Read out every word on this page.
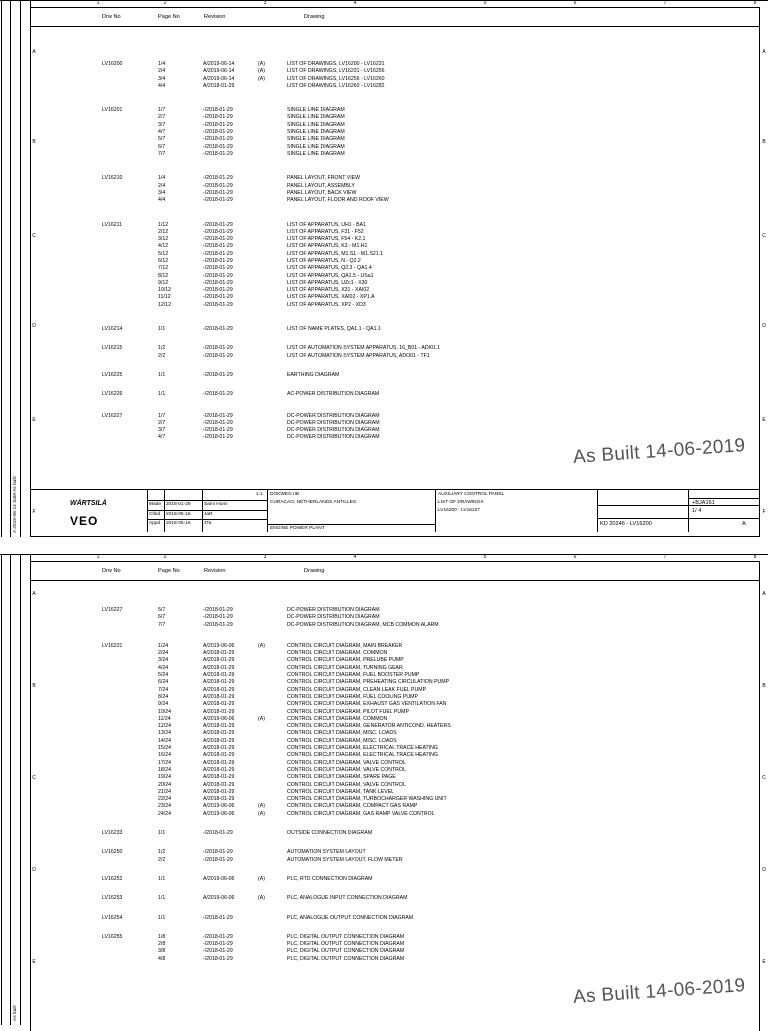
1	2	3	4	5	6	7	8
A
B
C
D
E
F
A
B
C
D
E
F
Drw No	Page No	Revision	Drawing
LV16200	1/4	A/2019-06-14	(A)	LIST OF DRAWINGS, LV16200 - LV16231
2/4	A/2019-06-14	(A)	LIST OF DRAWINGS, LV16231 - LV16256
3/4	A/2019-06-14	(A)	LIST OF DRAWINGS, LV16256 - LV16260
4/4	A/2018-01-29	LIST OF DRAWINGS, LV16260 - LV16282
LV16201	1/7	-/2018-01-29	SINGLE LINE DIAGRAM
2/7	-/2018-01-29	SINGLE LINE DIAGRAM
3/7	-/2018-01-29	SINGLE LINE DIAGRAM
4/7	-/2018-01-29	SINGLE LINE DIAGRAM
5/7	-/2018-01-29	SINGLE LINE DIAGRAM
6/7	-/2018-01-29	SINGLE LINE DIAGRAM
7/7	-/2018-01-29	SINGLE LINE DIAGRAM
LV16210	1/4	-/2018-01-29	PANEL LAYOUT, FRONT VIEW
2/4	-/2018-01-29	PANEL LAYOUT, ASSEMBLY
3/4	-/2018-01-29	PANEL LAYOUT, BACK VIEW
4/4	-/2018-01-29	PANEL LAYOUT, FLOOR AND ROOF VIEW
LV16211	1/12	-/2018-01-29	LIST OF APPARATUS, UH1 - BA1
2/12	-/2018-01-29	LIST OF APPARATUS, F31 - F52
3/12	-/2018-01-29	LIST OF APPARATUS, F54 - K2.1
4/12	-/2018-01-29	LIST OF APPARATUS, K3 - M1.H1
5/12	-/2018-01-29	LIST OF APPARATUS, M1.S1 - M1.S21.1
6/12	-/2018-01-29	LIST OF APPARATUS, N - Q2.2
7/12	-/2018-01-29	LIST OF APPARATUS, Q2.3 - QA1.4
8/12	-/2018-01-29	LIST OF APPARATUS, QA1.5 - USa1
9/12	-/2018-01-29	LIST OF APPARATUS, UZc1 - X30
10/12	-/2018-01-29	LIST OF APPARATUS, X31 - XAI02
11/12	-/2018-01-29	LIST OF APPARATUS, XAI02 - XP1.A
12/12	-/2018-01-29	LIST OF APPARATUS, XP2 - XD3
LV16214	1/1	-/2018-01-29	LIST OF NAME PLATES, QA1.1 - QA1.1
LV16215	1/2	-/2018-01-29	LIST OF AUTOMATION SYSTEM APPARATUS, 16_B01 - ADI01.1
2/2	-/2018-01-29	LIST OF AUTOMATION SYSTEM APPARATUS, ADO01 - TF1
LV16225	1/1	-/2018-01-29	EARTHING DIAGRAM
LV16226	1/1	-/2018-01-29	AC-POWER DISTRIBUTION DIAGRAM
LV16227	1/7	-/2018-01-29	DC-POWER DISTRIBUTION DIAGRAM
2/7	-/2018-01-29	DC-POWER DISTRIBUTION DIAGRAM
3/7	-/2018-01-29	DC-POWER DISTRIBUTION DIAGRAM
4/7	-/2018-01-29	DC-POWER DISTRIBUTION DIAGRAM	As Built 14-06-2019
A 2019-06-14 SaM As built	WÄRTSILÄ
VEO
Made 2018-01-29	Sami Hurin
Chkd 2018-05-16	JaR
Appd 2018-05-16	JTa
1:1 DOKWEG IIB
CURACAO, NETHERLANDS ANTILLES
ENGINE POWER PLANT
AUXILIARY CONTROL PANEL
LIST OF DRAWINGS
LV16200 - LV16227
KD 20246 - LV16200
+BJA161
1/ 4
A
1	2	3	4	5	6	7	8
A
B
C
D
E
A
B
C
D
E
Drw No	Page No	Revision	Drawing
LV16227	5/7	-/2018-01-29	DC-POWER DISTRIBUTION DIAGRAM
6/7	-/2018-01-29	DC-POWER DISTRIBUTION DIAGRAM
7/7	-/2018-01-29	DC-POWER DISTRIBUTION DIAGRAM, MCB COMMON ALARM
LV16231	1/24	A/2019-06-06	(A)	CONTROL CIRCUIT DIAGRAM, MAIN BREAKER
2/24	A/2018-01-29	CONTROL CIRCUIT DIAGRAM, COMMON
3/24	A/2018-01-29	CONTROL CIRCUIT DIAGRAM, PRELUBE PUMP
4/24	A/2018-01-29	CONTROL CIRCUIT DIAGRAM, TURNING GEAR
5/24	A/2018-01-29	CONTROL CIRCUIT DIAGRAM, FUEL BOOSTER PUMP
6/24	A/2018-01-29	CONTROL CIRCUIT DIAGRAM, PREHEATING CIRCULATION PUMP
7/24	A/2018-01-29	CONTROL CIRCUIT DIAGRAM, CLEAN LEAK FUEL PUMP
8/24	A/2018-01-29	CONTROL CIRCUIT DIAGRAM, FUEL COOLING PUMP
9/24	A/2018-01-29	CONTROL CIRCUIT DIAGRAM, EXHAUST GAS VENTILATION FAN
10/24	A/2018-01-29	CONTROL CIRCUIT DIAGRAM, PILOT FUEL PUMP
11/24	A/2019-06-06	(A)	CONTROL CIRCUIT DIAGRAM, COMMON
12/24	A/2018-01-29	CONTROL CIRCUIT DIAGRAM, GENERATOR ANTICOND. HEATERS
13/24	A/2018-01-29	CONTROL CIRCUIT DIAGRAM, MISC. LOADS
14/24	A/2018-01-29	CONTROL CIRCUIT DIAGRAM, MISC. LOADS
15/24	A/2018-01-29	CONTROL CIRCUIT DIAGRAM, ELECTRICAL TRACE HEATING
16/24	A/2018-01-29	CONTROL CIRCUIT DIAGRAM, ELECTRICAL TRACE HEATING
17/24	A/2018-01-29	CONTROL CIRCUIT DIAGRAM, VALVE CONTROL
18/24	A/2018-01-29	CONTROL CIRCUIT DIAGRAM, VALVE CONTROL
19/24	A/2018-01-29	CONTROL CIRCUIT DIAGRAM, SPARE PAGE
20/24	A/2018-01-29	CONTROL CIRCUIT DIAGRAM, VALVE CONTROL
21/24	A/2018-01-29	CONTROL CIRCUIT DIAGRAM, TANK LEVEL
22/24	A/2018-01-29	CONTROL CIRCUIT DIAGRAM, TURBOCHARGER WASHING UNIT
23/24	A/2019-06-06	(A)	CONTROL CIRCUIT DIAGRAM, COMPACT GAS RAMP
24/24	A/2019-06-06	(A)	CONTROL CIRCUIT DIAGRAM, GAS RAMP VALVE CONTROL
LV16233	1/1	-/2018-01-29	OUTSIDE CONNECTION DIAGRAM
LV16250	1/2	-/2018-01-29	AUTOMATION SYSTEM LAYOUT
2/2	-/2018-01-29	AUTOMATION SYSTEM LAYOUT, FLOW METER
LV16252	1/1	A/2019-06-06	(A)	PLC, RTD CONNECTION DIAGRAM
LV16253	1/1	A/2019-06-06	(A)	PLC, ANALOGUE INPUT CONNECTION DIAGRAM
LV16254	1/1	-/2018-01-29	PLC, ANALOGUE OUTPUT CONNECTION DIAGRAM
LV16255	1/8	-/2018-01-29	PLC, DIGITAL OUTPUT CONNECTION DIAGRAM
2/8	-/2018-01-29	PLC, DIGITAL OUTPUT CONNECTION DIAGRAM
3/8	-/2018-01-29	PLC, DIGITAL OUTPUT CONNECTION DIAGRAM
4/8	-/2018-01-29	PLC, DIGITAL OUTPUT CONNECTION DIAGRAM
As Built 14-06-2019
As built
